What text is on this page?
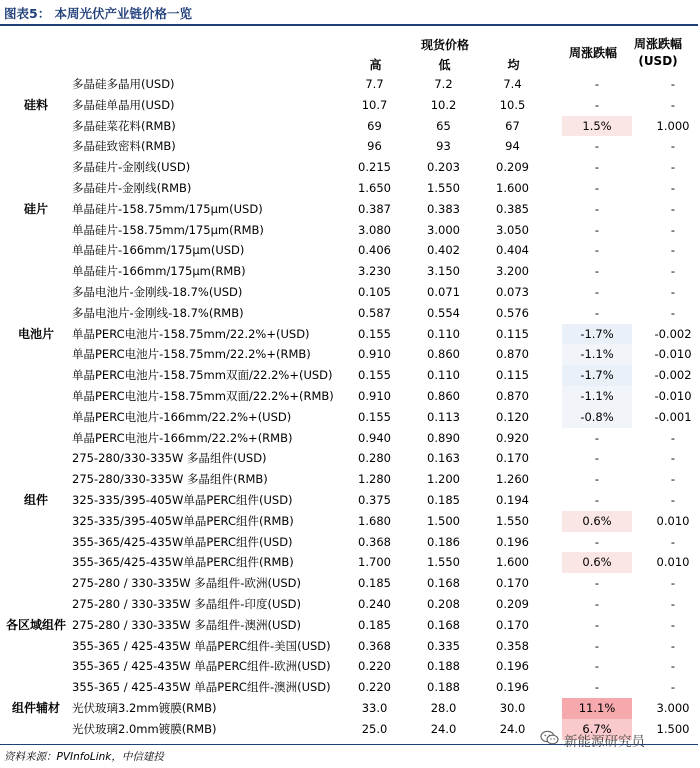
图表5： 本周光伏产业链价格一览
现货价格
高	低	均
周涨跌幅
周涨跌幅
(USD)
	多晶硅多晶用(USD)	7.7	7.2	7.4	-	-	
硅料	多晶硅单晶用(USD)	10.7	10.2	10.5	-	-	
	多晶硅菜花料(RMB)	69	65	67	1.5%	1.000	
	多晶硅致密料(RMB)	96	93	94	-	-	
	多晶硅片-金刚线(USD)	0.215	0.203	0.209	-	-	
	多晶硅片-金刚线(RMB)	1.650	1.550	1.600	-	-	
硅片	单晶硅片-158.75mm/175μm(USD)	0.387	0.383	0.385	-	-	
	单晶硅片-158.75mm/175μm(RMB)	3.080	3.000	3.050	-	-	
	单晶硅片-166mm/175μm(USD)	0.406	0.402	0.404	-	-	
	单晶硅片-166mm/175μm(RMB)	3.230	3.150	3.200	-	-	
	多晶电池片-金刚线-18.7%(USD)	0.105	0.071	0.073	-	-	
	多晶电池片-金刚线-18.7%(RMB)	0.587	0.554	0.576	-	-	
电池片	单晶PERC电池片-158.75mm/22.2%+(USD)	0.155	0.110	0.115	-1.7%	-0.002	
	单晶PERC电池片-158.75mm/22.2%+(RMB)	0.910	0.860	0.870	-1.1%	-0.010	
	单晶PERC电池片-158.75mm双面/22.2%+(USD)	0.155	0.110	0.115	-1.7%	-0.002	
	单晶PERC电池片-158.75mm双面/22.2%+(RMB)	0.910	0.860	0.870	-1.1%	-0.010	
	单晶PERC电池片-166mm/22.2%+(USD)	0.155	0.113	0.120	-0.8%	-0.001	
	单晶PERC电池片-166mm/22.2%+(RMB)	0.940	0.890	0.920	-	-	
	275-280/330-335W 多晶组件(USD)	0.280	0.163	0.170	-	-	
	275-280/330-335W 多晶组件(RMB)	1.280	1.200	1.260	-	-	
组件	325-335/395-405W单晶PERC组件(USD)	0.375	0.185	0.194	-	-	
	325-335/395-405W单晶PERC组件(RMB)	1.680	1.500	1.550	0.6%	0.010	
	355-365/425-435W单晶PERC组件(USD)	0.368	0.186	0.196	-	-	
	355-365/425-435W单晶PERC组件(RMB)	1.700	1.550	1.600	0.6%	0.010	
	275-280 / 330-335W 多晶组件-欧洲(USD)	0.185	0.168	0.170	-	-	
	275-280 / 330-335W 多晶组件-印度(USD)	0.240	0.208	0.209	-	-	
各区域组件	275-280 / 330-335W 多晶组件-澳洲(USD)	0.185	0.168	0.170	-	-	
	355-365 / 425-435W 单晶PERC组件-美国(USD)	0.368	0.335	0.358	-	-	
	355-365 / 425-435W 单晶PERC组件-欧洲(USD)	0.220	0.188	0.196	-	-	
	355-365 / 425-435W 单晶PERC组件-澳洲(USD)	0.220	0.188	0.196	-	-	
组件辅材	光伏玻璃3.2mm镀膜(RMB)	33.0	28.0	30.0	11.1%	3.000	
	光伏玻璃2.0mm镀膜(RMB)	25.0	24.0	24.0	6.7%	1.500	
资料来源：PVInfoLink，中信建投
新能源研究员
